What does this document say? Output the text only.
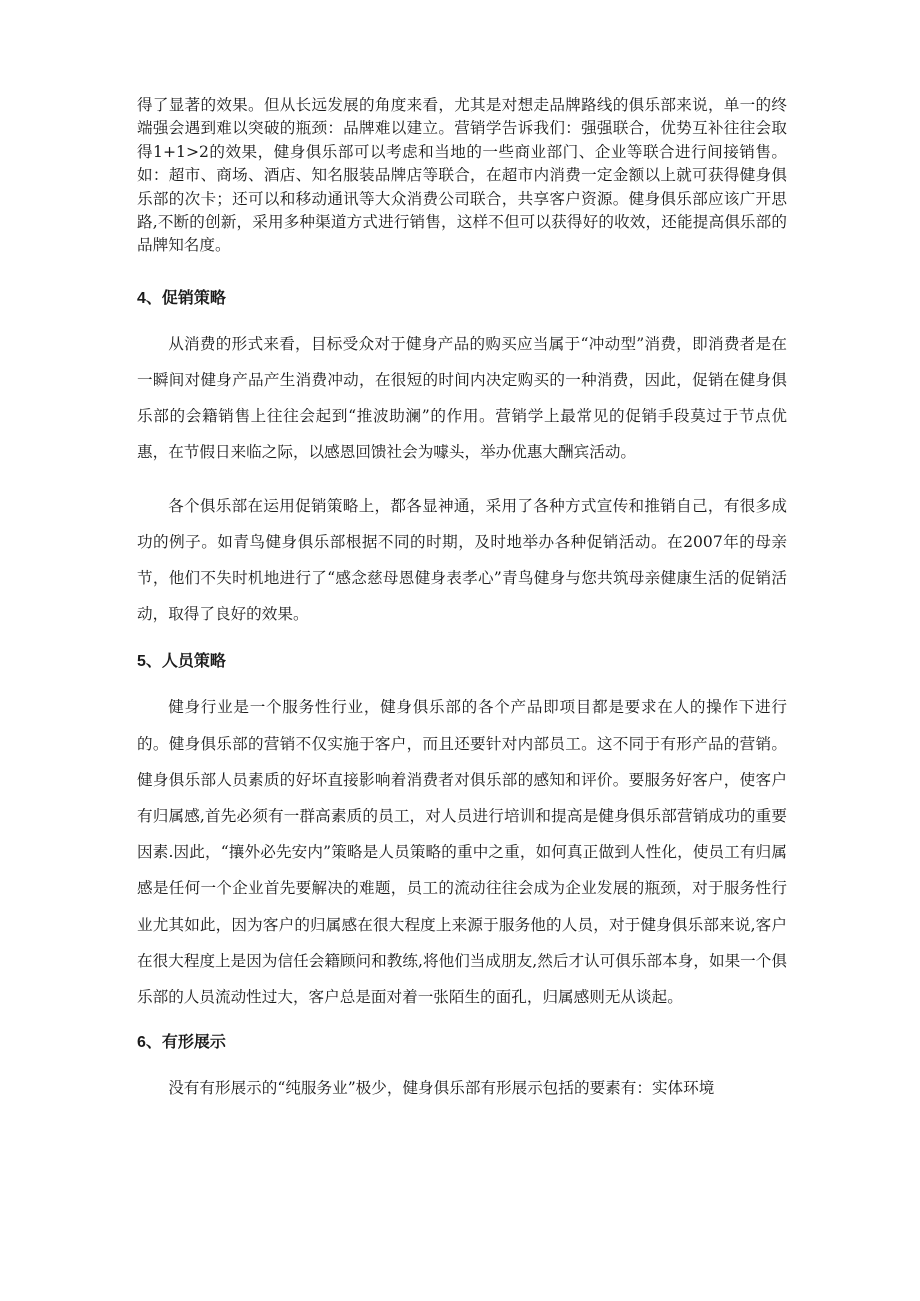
得了显著的效果。但从长远发展的角度来看，尤其是对想走品牌路线的俱乐部来说，单一的终端强会遇到难以突破的瓶颈：品牌难以建立。营销学告诉我们：强强联合，优势互补往往会取得1+1>2的效果，健身俱乐部可以考虑和当地的一些商业部门、企业等联合进行间接销售。如：超市、商场、酒店、知名服装品牌店等联合，在超市内消费一定金额以上就可获得健身俱乐部的次卡；还可以和移动通讯等大众消费公司联合，共享客户资源。健身俱乐部应该广开思路,不断的创新，采用多种渠道方式进行销售，这样不但可以获得好的收效，还能提高俱乐部的品牌知名度。

4、促销策略

从消费的形式来看，目标受众对于健身产品的购买应当属于“冲动型”消费，即消费者是在一瞬间对健身产品产生消费冲动，在很短的时间内决定购买的一种消费，因此，促销在健身俱乐部的会籍销售上往往会起到“推波助澜”的作用。营销学上最常见的促销手段莫过于节点优惠，在节假日来临之际，以感恩回馈社会为噱头，举办优惠大酬宾活动。

各个俱乐部在运用促销策略上，都各显神通，采用了各种方式宣传和推销自己，有很多成功的例子。如青鸟健身俱乐部根据不同的时期，及时地举办各种促销活动。在2007年的母亲节，他们不失时机地进行了“感念慈母恩健身表孝心”青鸟健身与您共筑母亲健康生活的促销活动，取得了良好的效果。

5、人员策略

健身行业是一个服务性行业，健身俱乐部的各个产品即项目都是要求在人的操作下进行的。健身俱乐部的营销不仅实施于客户，而且还要针对内部员工。这不同于有形产品的营销。健身俱乐部人员素质的好坏直接影响着消费者对俱乐部的感知和评价。要服务好客户，使客户有归属感,首先必须有一群高素质的员工，对人员进行培训和提高是健身俱乐部营销成功的重要因素.因此，“攘外必先安内”策略是人员策略的重中之重，如何真正做到人性化，使员工有归属感是任何一个企业首先要解决的难题，员工的流动往往会成为企业发展的瓶颈，对于服务性行业尤其如此，因为客户的归属感在很大程度上来源于服务他的人员，对于健身俱乐部来说,客户在很大程度上是因为信任会籍顾问和教练,将他们当成朋友,然后才认可俱乐部本身，如果一个俱乐部的人员流动性过大，客户总是面对着一张陌生的面孔，归属感则无从谈起。

6、有形展示

没有有形展示的“纯服务业”极少，健身俱乐部有形展示包括的要素有：实体环境
